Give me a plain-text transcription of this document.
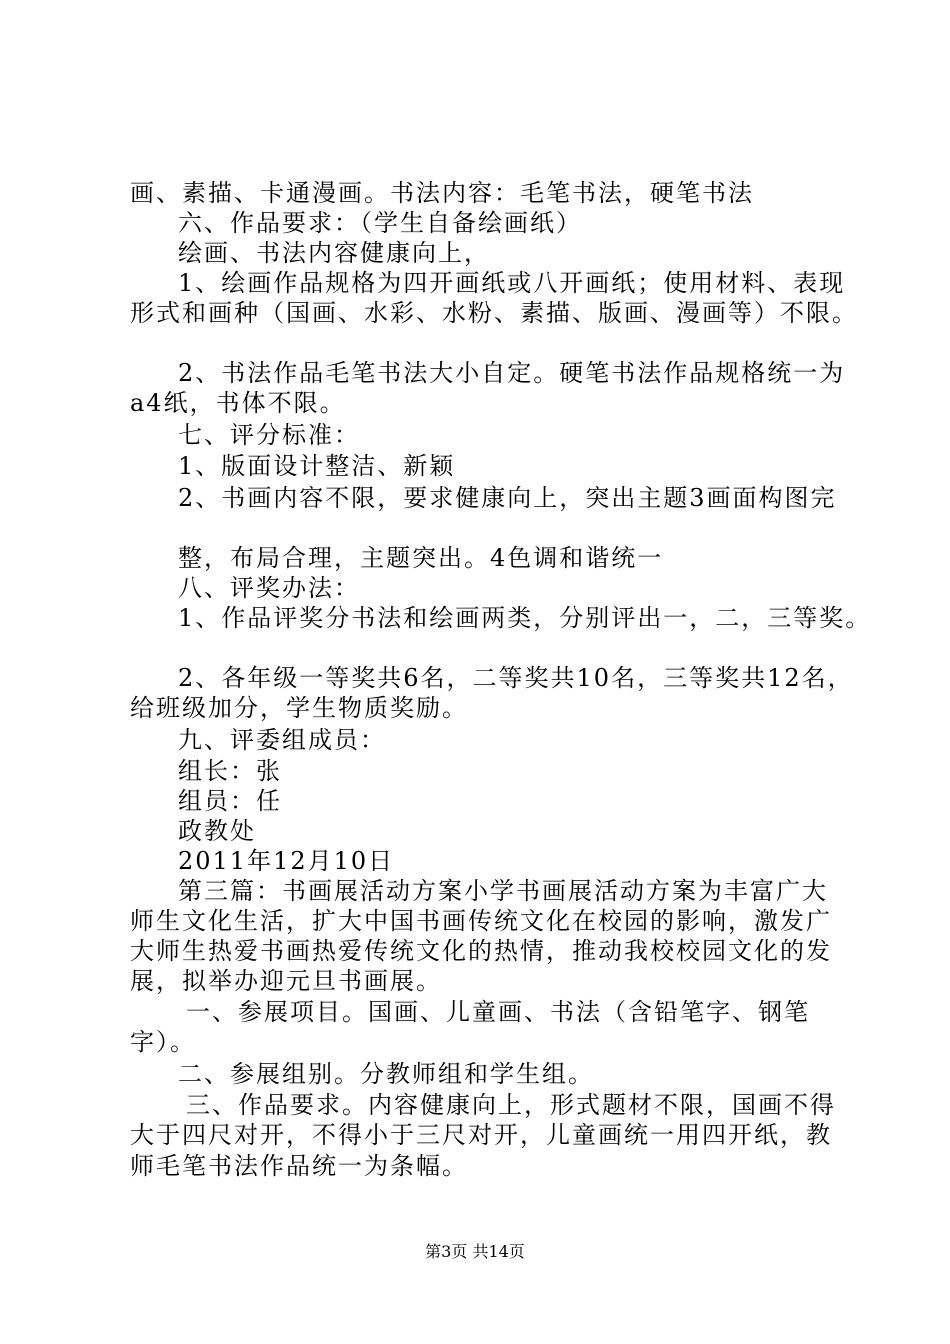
画、素描、卡通漫画。书法内容：毛笔书法，硬笔书法

六、作品要求：（学生自备绘画纸）

绘画、书法内容健康向上，

1、绘画作品规格为四开画纸或八开画纸；使用材料、表现

形式和画种（国画、水彩、水粉、素描、版画、漫画等）不限。

2、书法作品毛笔书法大小自定。硬笔书法作品规格统一为

a4纸，书体不限。

七、评分标准：

1、版面设计整洁、新颖

2、书画内容不限，要求健康向上，突出主题3画面构图完

整，布局合理，主题突出。4色调和谐统一

八、评奖办法：

1、作品评奖分书法和绘画两类，分别评出一，二，三等奖。

2、各年级一等奖共6名，二等奖共10名，三等奖共12名，

给班级加分，学生物质奖励。

九、评委组成员：

组长：张

组员：任

政教处

2011年12月10日

第三篇：书画展活动方案小学书画展活动方案为丰富广大

师生文化生活，扩大中国书画传统文化在校园的影响，激发广

大师生热爱书画热爱传统文化的热情，推动我校校园文化的发

展，拟举办迎元旦书画展。

一、参展项目。国画、儿童画、书法（含铅笔字、钢笔

字）。

二、参展组别。分教师组和学生组。

三、作品要求。内容健康向上，形式题材不限，国画不得

大于四尺对开，不得小于三尺对开，儿童画统一用四开纸，教

师毛笔书法作品统一为条幅。

第3页 共14页
